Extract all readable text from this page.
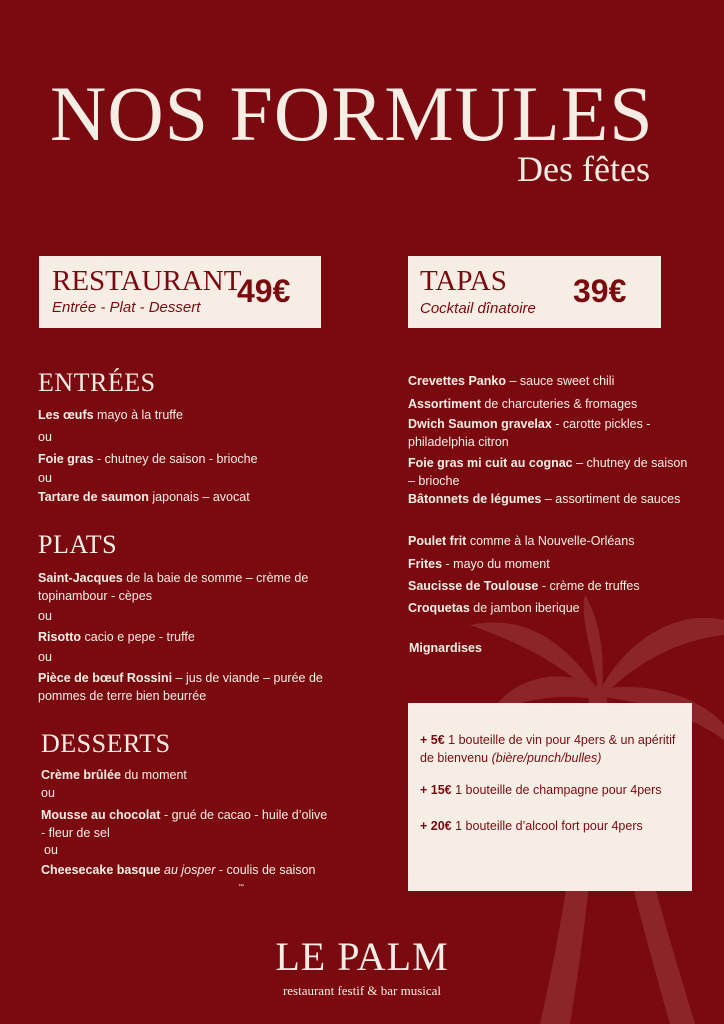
NOS FORMULES
Des fêtes
RESTAURANT
Entrée - Plat - Dessert 49€	TAPAS
Cocktail dînatoire 39€
ENTRÉES
Les œufs mayo à la truffe
ou
Foie gras - chutney de saison - brioche
ou
Tartare de saumon japonais – avocat
PLATS
Saint-Jacques de la baie de somme – crème de topinambour - cèpes
ou
Risotto cacio e pepe - truffe
ou
Pièce de bœuf Rossini – jus de viande – purée de pommes de terre bien beurrée
DESSERTS
Crème brûlée du moment
ou
Mousse au chocolat - grué de cacao - huile d’olive - fleur de sel
ou
Cheesecake basque au josper - coulis de saison
Crevettes Panko – sauce sweet chili
Assortiment de charcuteries & fromages
Dwich Saumon gravelax - carotte pickles - philadelphia citron
Foie gras mi cuit au cognac – chutney de saison – brioche
Bâtonnets de légumes – assortiment de sauces
Poulet frit comme à la Nouvelle-Orléans
Frites - mayo du moment
Saucisse de Toulouse - crème de truffes
Croquetas de jambon iberique
Mignardises
+ 5€ 1 bouteille de vin pour 4pers & un apéritif de bienvenu (bière/punch/bulles)
+ 15€ 1 bouteille de champagne pour 4pers
+ 20€ 1 bouteille d’alcool fort pour 4pers
™
LE PALM
restaurant festif & bar musical
